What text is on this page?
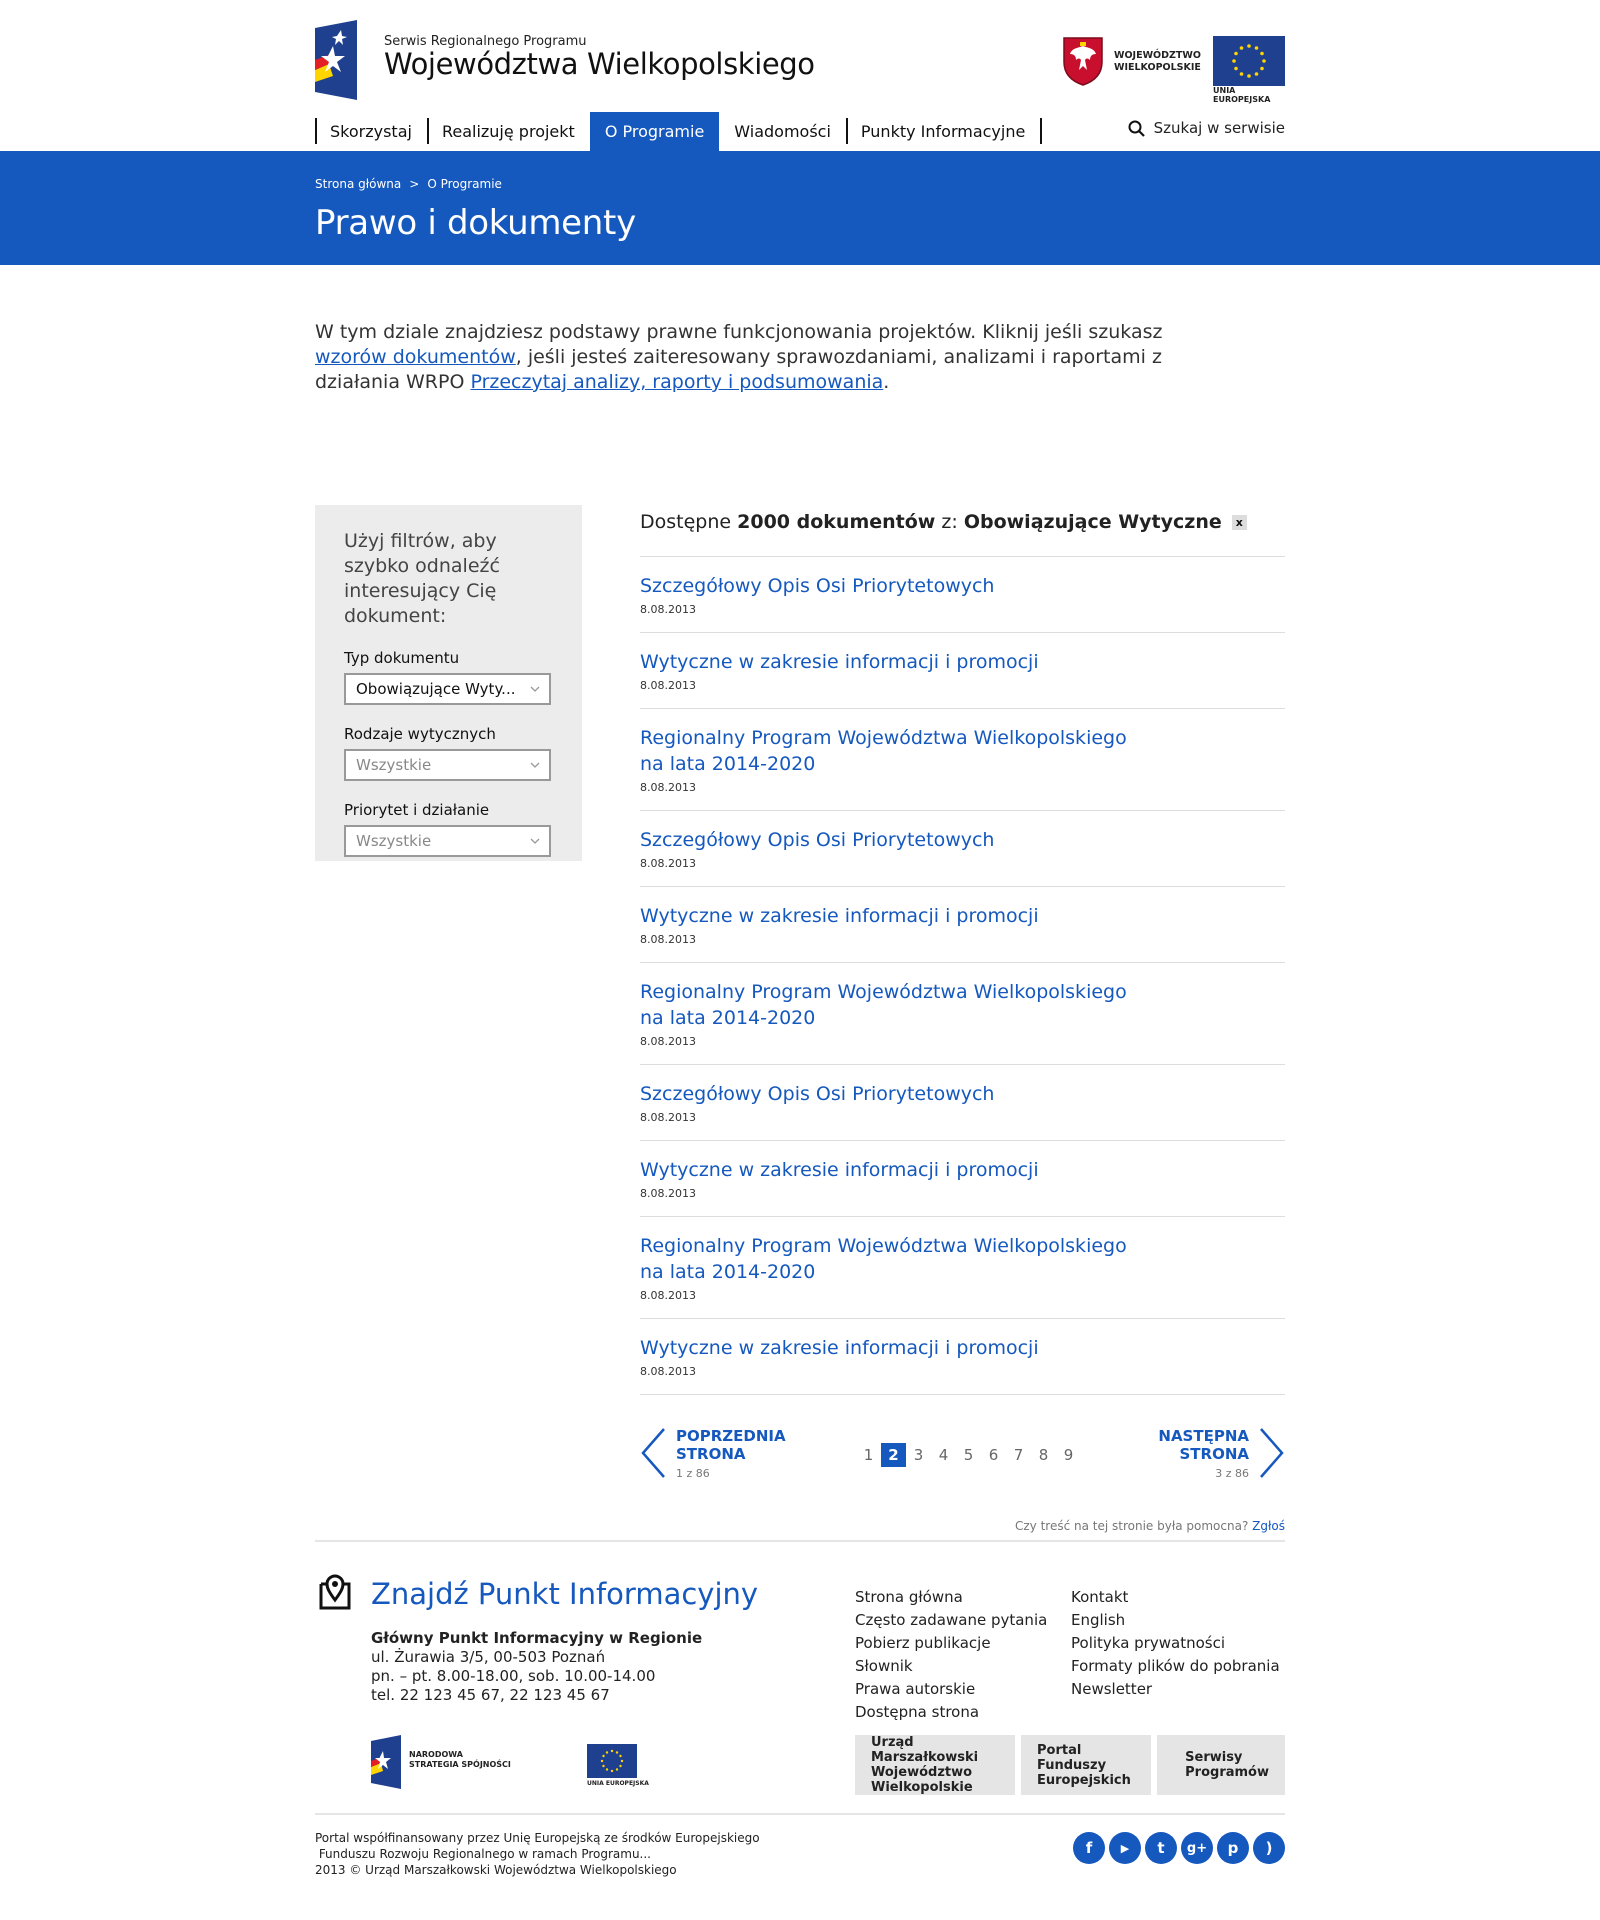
Serwis Regionalnego Programu
Województwa Wielkopolskiego	WOJEWÓDZTWO
WIELKOPOLSKIE
UNIA EUROPEJSKA
Skorzystaj	Realizuję projekt	O Programie	Wiadomości	Punkty Informacyjne	Szukaj w serwisie
Strona główna > O Programie
Prawo i dokumenty

W tym dziale znajdziesz podstawy prawne funkcjonowania projektów. Kliknij jeśli szukasz wzorów dokumentów, jeśli jesteś zaiteresowany sprawozdaniami, analizami i raportami z działania WRPO Przeczytaj analizy, raporty i podsumowania.

Użyj filtrów, aby szybko odnaleźć interesujący Cię dokument:
Typ dokumentu
Obowiązujące Wyty...
Rodzaje wytycznych
Wszystkie
Priorytet i działanie
Wszystkie
Dostępne
2000 dokumentów
z:
Obowiązujące Wytyczne	x
Szczegółowy Opis Osi Priorytetowych
8.08.2013
Wytyczne w zakresie informacji i promocji
8.08.2013
Regionalny Program Województwa Wielkopolskiego na lata 2014-2020
8.08.2013
Szczegółowy Opis Osi Priorytetowych
8.08.2013
Wytyczne w zakresie informacji i promocji
8.08.2013
Regionalny Program Województwa Wielkopolskiego na lata 2014-2020
8.08.2013
Szczegółowy Opis Osi Priorytetowych
8.08.2013
Wytyczne w zakresie informacji i promocji
8.08.2013
Regionalny Program Województwa Wielkopolskiego na lata 2014-2020
8.08.2013
Wytyczne w zakresie informacji i promocji
8.08.2013
POPRZEDNIA
STRONA
1 z 86
1	2	3	4	5	6	7	8	9
NASTĘPNA
STRONA
3 z 86
Czy treść na tej stronie była pomocna? Zgłoś
Znajdź Punkt Informacyjny
Główny Punkt Informacyjny w Regionie
ul. Żurawia 3/5, 00-503 Poznań
pn. – pt. 8.00-18.00, sob. 10.00-14.00
tel. 22 123 45 67, 22 123 45 67
Strona główna
Często zadawane pytania
Pobierz publikacje
Słownik
Prawa autorskie
Dostępna strona
Kontakt
English
Polityka prywatności
Formaty plików do pobrania
Newsletter
NARODOWA
STRATEGIA SPÓJNOŚCI
UNIA EUROPEJSKA
Urząd Marszałkowski
Województwo
Wielkopolskie
Portal Funduszy
Europejskich
Serwisy
Programów
Portal współfinansowany przez Unię Europejską ze środków Europejskiego
Funduszu Rozwoju Regionalnego w ramach Programu...
2013 © Urząd Marszałkowski Województwa Wielkopolskiego
f	▶	t	g+	p	)
